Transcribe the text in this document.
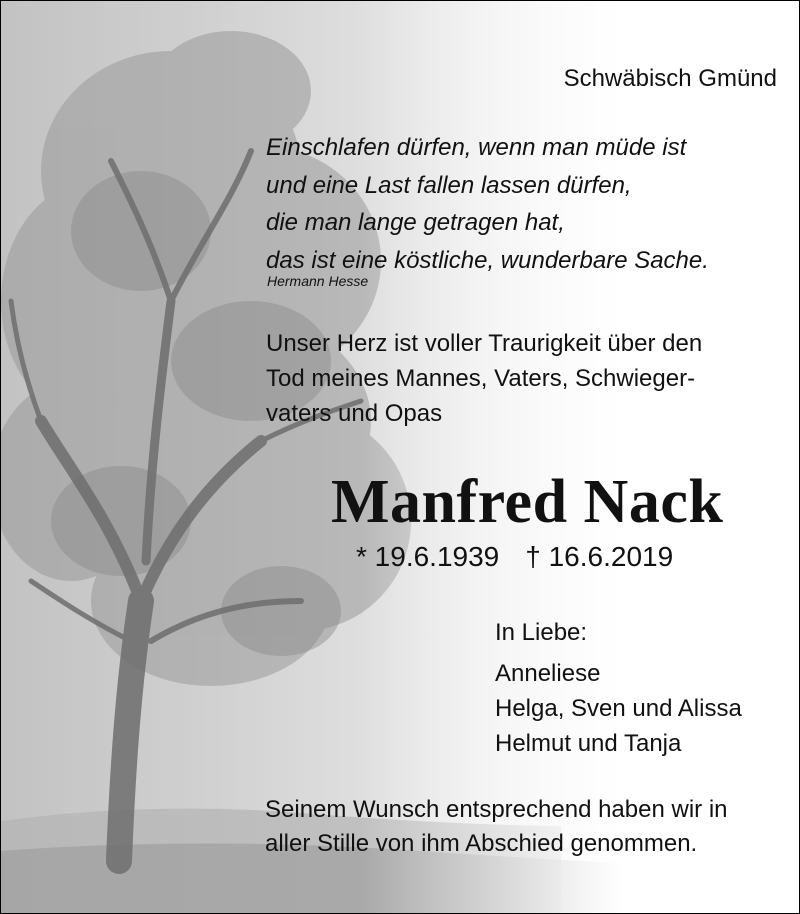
Schwäbisch Gmünd
Einschlafen dürfen, wenn man müde ist
und eine Last fallen lassen dürfen,
die man lange getragen hat,
das ist eine köstliche, wunderbare Sache.
Hermann Hesse
Unser Herz ist voller Traurigkeit über den
Tod meines Mannes, Vaters, Schwieger-
vaters und Opas
Manfred Nack
* 19.6.1939 † 16.6.2019
In Liebe:
Anneliese
Helga, Sven und Alissa
Helmut und Tanja
Seinem Wunsch entsprechend haben wir in
aller Stille von ihm Abschied genommen.
